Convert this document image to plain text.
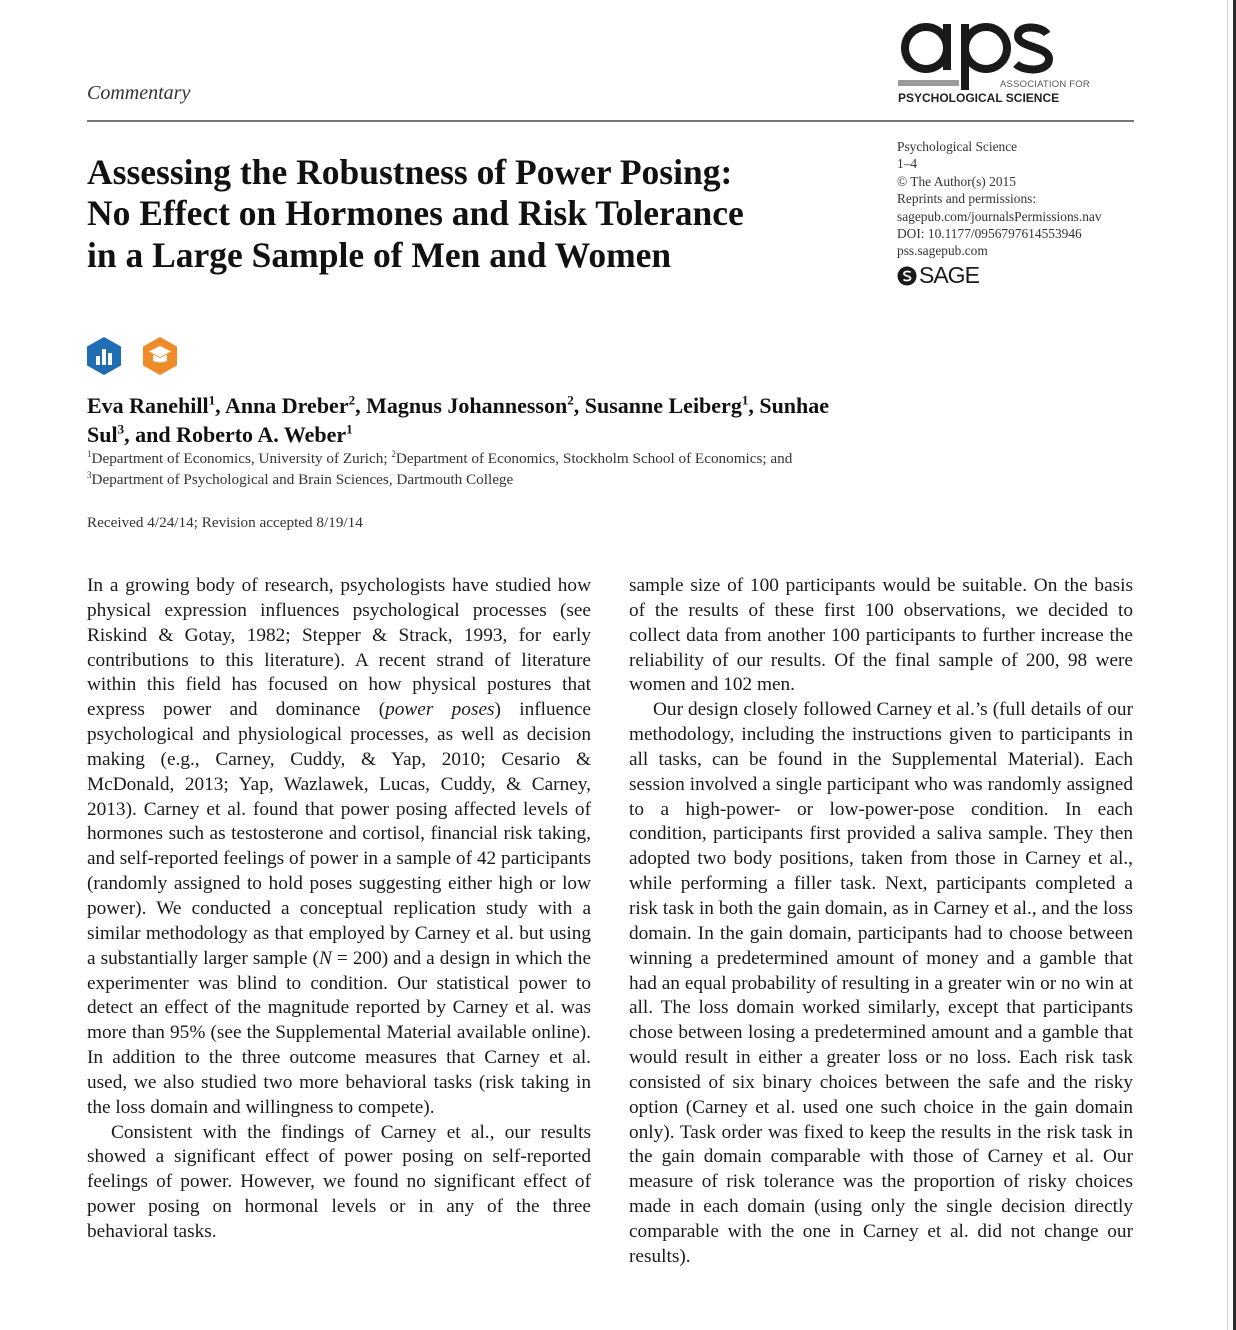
Commentary	ASSOCIATION FOR
PSYCHOLOGICAL SCIENCE
Psychological Science
1–4
© The Author(s) 2015
Reprints and permissions:
sagepub.com/journalsPermissions.nav
DOI: 10.1177/0956797614553946
pss.sagepub.com
SAGE
Assessing the Robustness of Power Posing: No Effect on Hormones and Risk Tolerance in a Large Sample of Men and Women
Eva Ranehill$^1$, Anna Dreber$^2$, Magnus Johannesson$^2$, Susanne Leiberg$^1$, Sunhae Sul$^3$, and Roberto A. Weber$^1$
$^1$Department of Economics, University of Zurich; $^2$Department of Economics, Stockholm School of Economics; and $^3$Department of Psychological and Brain Sciences, Dartmouth College
Received 4/24/14; Revision accepted 8/19/14

In a growing body of research, psychologists have studied how physical expression influences psychological processes (see Riskind & Gotay, 1982; Stepper & Strack, 1993, for early contributions to this literature). A recent strand of literature within this field has focused on how physical postures that express power and dominance (power poses) influence psychological and physiological processes, as well as decision making (e.g., Carney, Cuddy, & Yap, 2010; Cesario & McDonald, 2013; Yap, Wazlawek, Lucas, Cuddy, & Carney, 2013). Carney et al. found that power posing affected levels of hormones such as testosterone and cortisol, financial risk taking, and self-reported feelings of power in a sample of 42 participants (randomly assigned to hold poses suggesting either high or low power). We conducted a conceptual replication study with a similar methodology as that employed by Carney et al. but using a substantially larger sample (N = 200) and a design in which the experimenter was blind to condition. Our statistical power to detect an effect of the magnitude reported by Carney et al. was more than 95% (see the Supplemental Material available online). In addition to the three outcome measures that Carney et al. used, we also studied two more behavioral tasks (risk taking in the loss domain and willingness to compete).

Consistent with the findings of Carney et al., our results showed a significant effect of power posing on self-reported feelings of power. However, we found no significant effect of power posing on hormonal levels or in any of the three behavioral tasks.

sample size of 100 participants would be suitable. On the basis of the results of these first 100 observations, we decided to collect data from another 100 participants to further increase the reliability of our results. Of the final sample of 200, 98 were women and 102 men.

Our design closely followed Carney et al.’s (full details of our methodology, including the instructions given to participants in all tasks, can be found in the Supplemental Material). Each session involved a single participant who was randomly assigned to a high-power- or low-power-pose condition. In each condition, participants first provided a saliva sample. They then adopted two body positions, taken from those in Carney et al., while performing a filler task. Next, participants completed a risk task in both the gain domain, as in Carney et al., and the loss domain. In the gain domain, participants had to choose between winning a predetermined amount of money and a gamble that had an equal probability of resulting in a greater win or no win at all. The loss domain worked similarly, except that participants chose between losing a predetermined amount and a gamble that would result in either a greater loss or no loss. Each risk task consisted of six binary choices between the safe and the risky option (Carney et al. used one such choice in the gain domain only). Task order was fixed to keep the results in the risk task in the gain domain comparable with those of Carney et al. Our measure of risk tolerance was the proportion of risky choices made in each domain (using only the single decision directly comparable with the one in Carney et al. did not change our results).
